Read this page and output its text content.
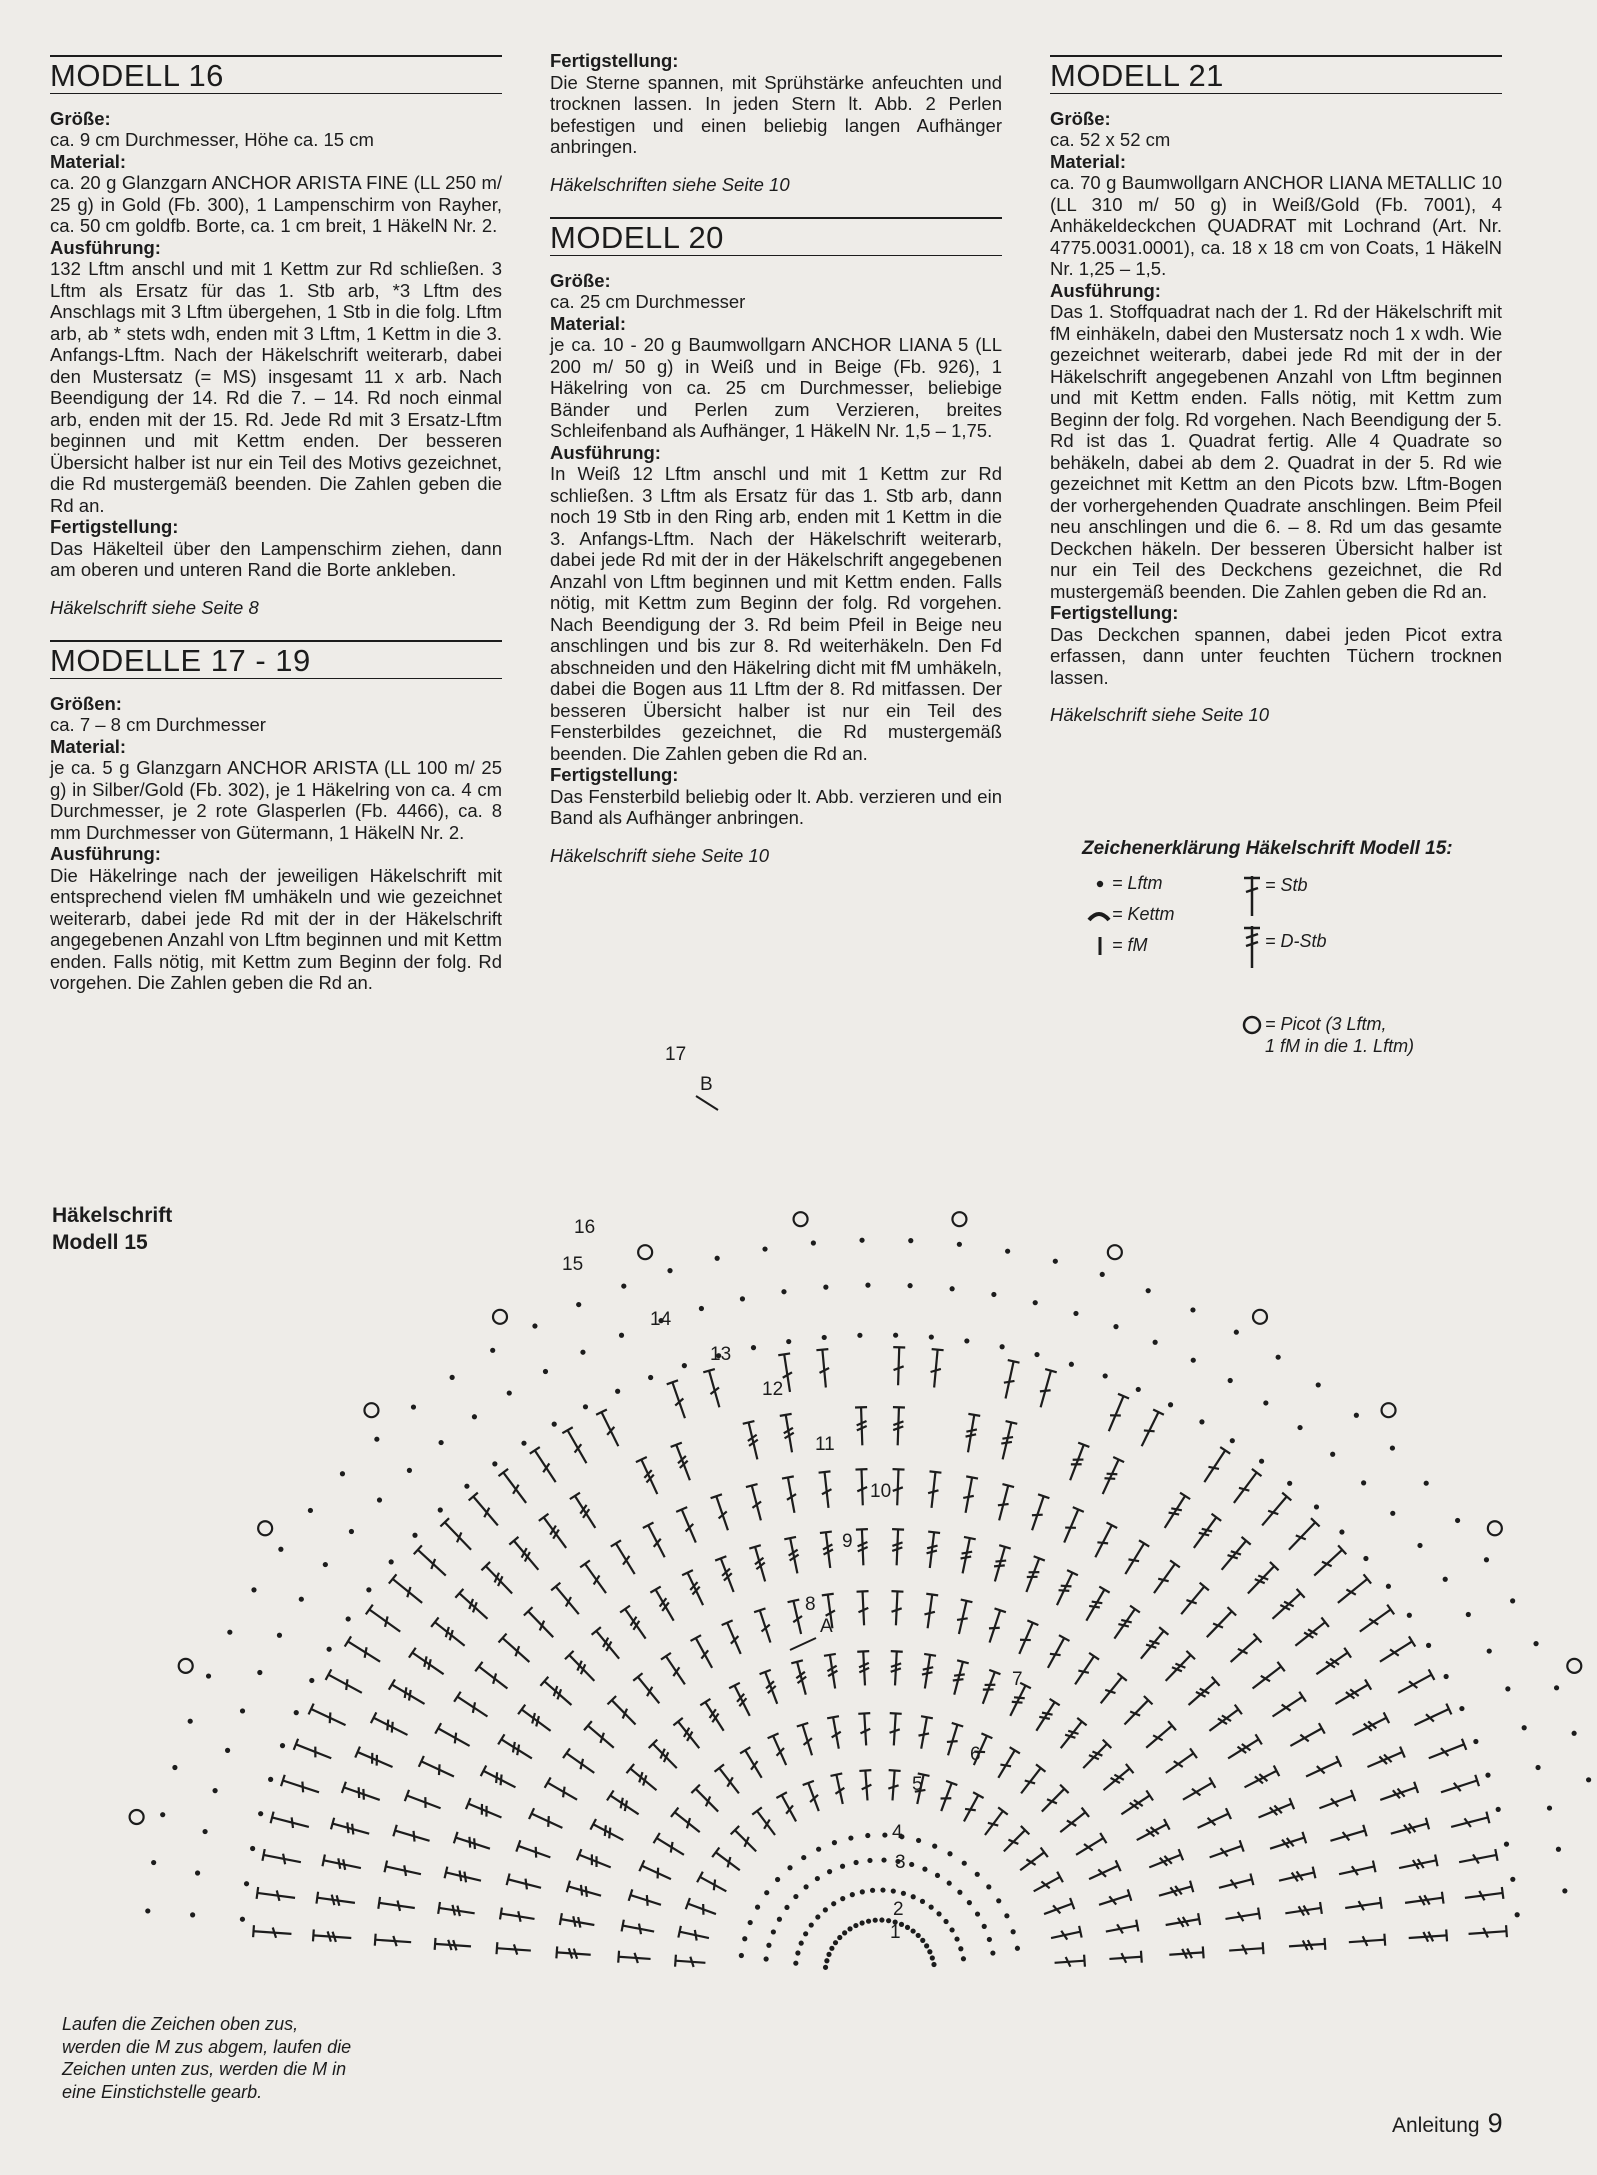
MODELL 16
Größe:
ca. 9 cm Durchmesser, Höhe ca. 15 cm
Material:
ca. 20 g Glanzgarn ANCHOR ARISTA FINE (LL 250 m/ 25 g) in Gold (Fb. 300), 1 Lampenschirm von Rayher, ca. 50 cm goldfb. Borte, ca. 1 cm breit, 1 HäkelN Nr. 2.
Ausführung:
132 Lftm anschl und mit 1 Kettm zur Rd schließen. 3 Lftm als Ersatz für das 1. Stb arb, *3 Lftm des Anschlags mit 3 Lftm übergehen, 1 Stb in die folg. Lftm arb, ab * stets wdh, enden mit 3 Lftm, 1 Kettm in die 3. Anfangs-Lftm. Nach der Häkelschrift weiterarb, dabei den Mustersatz (= MS) insgesamt 11 x arb. Nach Beendigung der 14. Rd die 7. – 14. Rd noch einmal arb, enden mit der 15. Rd. Jede Rd mit 3 Ersatz-Lftm beginnen und mit Kettm enden. Der besseren Übersicht halber ist nur ein Teil des Motivs gezeichnet, die Rd mustergemäß beenden. Die Zahlen geben die Rd an.
Fertigstellung:
Das Häkelteil über den Lampenschirm ziehen, dann am oberen und unteren Rand die Borte ankleben.
Häkelschrift siehe Seite 8
MODELLE 17 - 19
Größen:
ca. 7 – 8 cm Durchmesser
Material:
je ca. 5 g Glanzgarn ANCHOR ARISTA (LL 100 m/ 25 g) in Silber/Gold (Fb. 302), je 1 Häkelring von ca. 4 cm Durchmesser, je 2 rote Glasperlen (Fb. 4466), ca. 8 mm Durchmesser von Gütermann, 1 HäkelN Nr. 2.
Ausführung:
Die Häkelringe nach der jeweiligen Häkelschrift mit entsprechend vielen fM umhäkeln und wie gezeichnet weiterarb, dabei jede Rd mit der in der Häkelschrift angegebenen Anzahl von Lftm beginnen und mit Kettm enden. Falls nötig, mit Kettm zum Beginn der folg. Rd vorgehen. Die Zahlen geben die Rd an.
Fertigstellung:
Die Sterne spannen, mit Sprühstärke anfeuchten und trocknen lassen. In jeden Stern lt. Abb. 2 Perlen befestigen und einen beliebig langen Aufhänger anbringen.
Häkelschriften siehe Seite 10
MODELL 20
Größe:
ca. 25 cm Durchmesser
Material:
je ca. 10 - 20 g Baumwollgarn ANCHOR LIANA 5 (LL 200 m/ 50 g) in Weiß und in Beige (Fb. 926), 1 Häkelring von ca. 25 cm Durchmesser, beliebige Bänder und Perlen zum Verzieren, breites Schleifenband als Aufhänger, 1 HäkelN Nr. 1,5 – 1,75.
Ausführung:
In Weiß 12 Lftm anschl und mit 1 Kettm zur Rd schließen. 3 Lftm als Ersatz für das 1. Stb arb, dann noch 19 Stb in den Ring arb, enden mit 1 Kettm in die 3. Anfangs-Lftm. Nach der Häkelschrift weiterarb, dabei jede Rd mit der in der Häkelschrift angegebenen Anzahl von Lftm beginnen und mit Kettm enden. Falls nötig, mit Kettm zum Beginn der folg. Rd vorgehen. Nach Beendigung der 3. Rd beim Pfeil in Beige neu anschlingen und bis zur 8. Rd weiterhäkeln. Den Fd abschneiden und den Häkelring dicht mit fM umhäkeln, dabei die Bogen aus 11 Lftm der 8. Rd mitfassen. Der besseren Übersicht halber ist nur ein Teil des Fensterbildes gezeichnet, die Rd mustergemäß beenden. Die Zahlen geben die Rd an.
Fertigstellung:
Das Fensterbild beliebig oder lt. Abb. verzieren und ein Band als Aufhänger anbringen.
Häkelschrift siehe Seite 10
MODELL 21
Größe:
ca. 52 x 52 cm
Material:
ca. 70 g Baumwollgarn ANCHOR LIANA METALLIC 10 (LL 310 m/ 50 g) in Weiß/Gold (Fb. 7001), 4 Anhäkeldeckchen QUADRAT mit Lochrand (Art. Nr. 4775.0031.0001), ca. 18 x 18 cm von Coats, 1 HäkelN Nr. 1,25 – 1,5.
Ausführung:
Das 1. Stoffquadrat nach der 1. Rd der Häkelschrift mit fM einhäkeln, dabei den Mustersatz noch 1 x wdh. Wie gezeichnet weiterarb, dabei jede Rd mit der in der Häkelschrift angegebenen Anzahl von Lftm beginnen und mit Kettm enden. Falls nötig, mit Kettm zum Beginn der folg. Rd vorgehen. Nach Beendigung der 5. Rd ist das 1. Quadrat fertig. Alle 4 Quadrate so behäkeln, dabei ab dem 2. Quadrat in der 5. Rd wie gezeichnet mit Kettm an den Picots bzw. Lftm-Bogen der vorhergehenden Quadrate anschlingen. Beim Pfeil neu anschlingen und die 6. – 8. Rd um das gesamte Deckchen häkeln. Der besseren Übersicht halber ist nur ein Teil des Deckchens gezeichnet, die Rd mustergemäß beenden. Die Zahlen geben die Rd an.
Fertigstellung:
Das Deckchen spannen, dabei jeden Picot extra erfassen, dann unter feuchten Tüchern trocknen lassen.
Häkelschrift siehe Seite 10
Zeichenerklärung Häkelschrift Modell 15:
= Lftm
= Kettm
= fM
= Stb
= D-Stb
= Picot (3 Lftm,
1 fM in die 1. Lftm)
Häkelschrift
Modell 15
1
2
3
4
5
6
7
8
9
10
11
12
13
14
15
16
17
A
B
Laufen die Zeichen oben zus, werden die M zus abgem, laufen die Zeichen unten zus, werden die M in eine Einstichstelle gearb.
Anleitung 9
